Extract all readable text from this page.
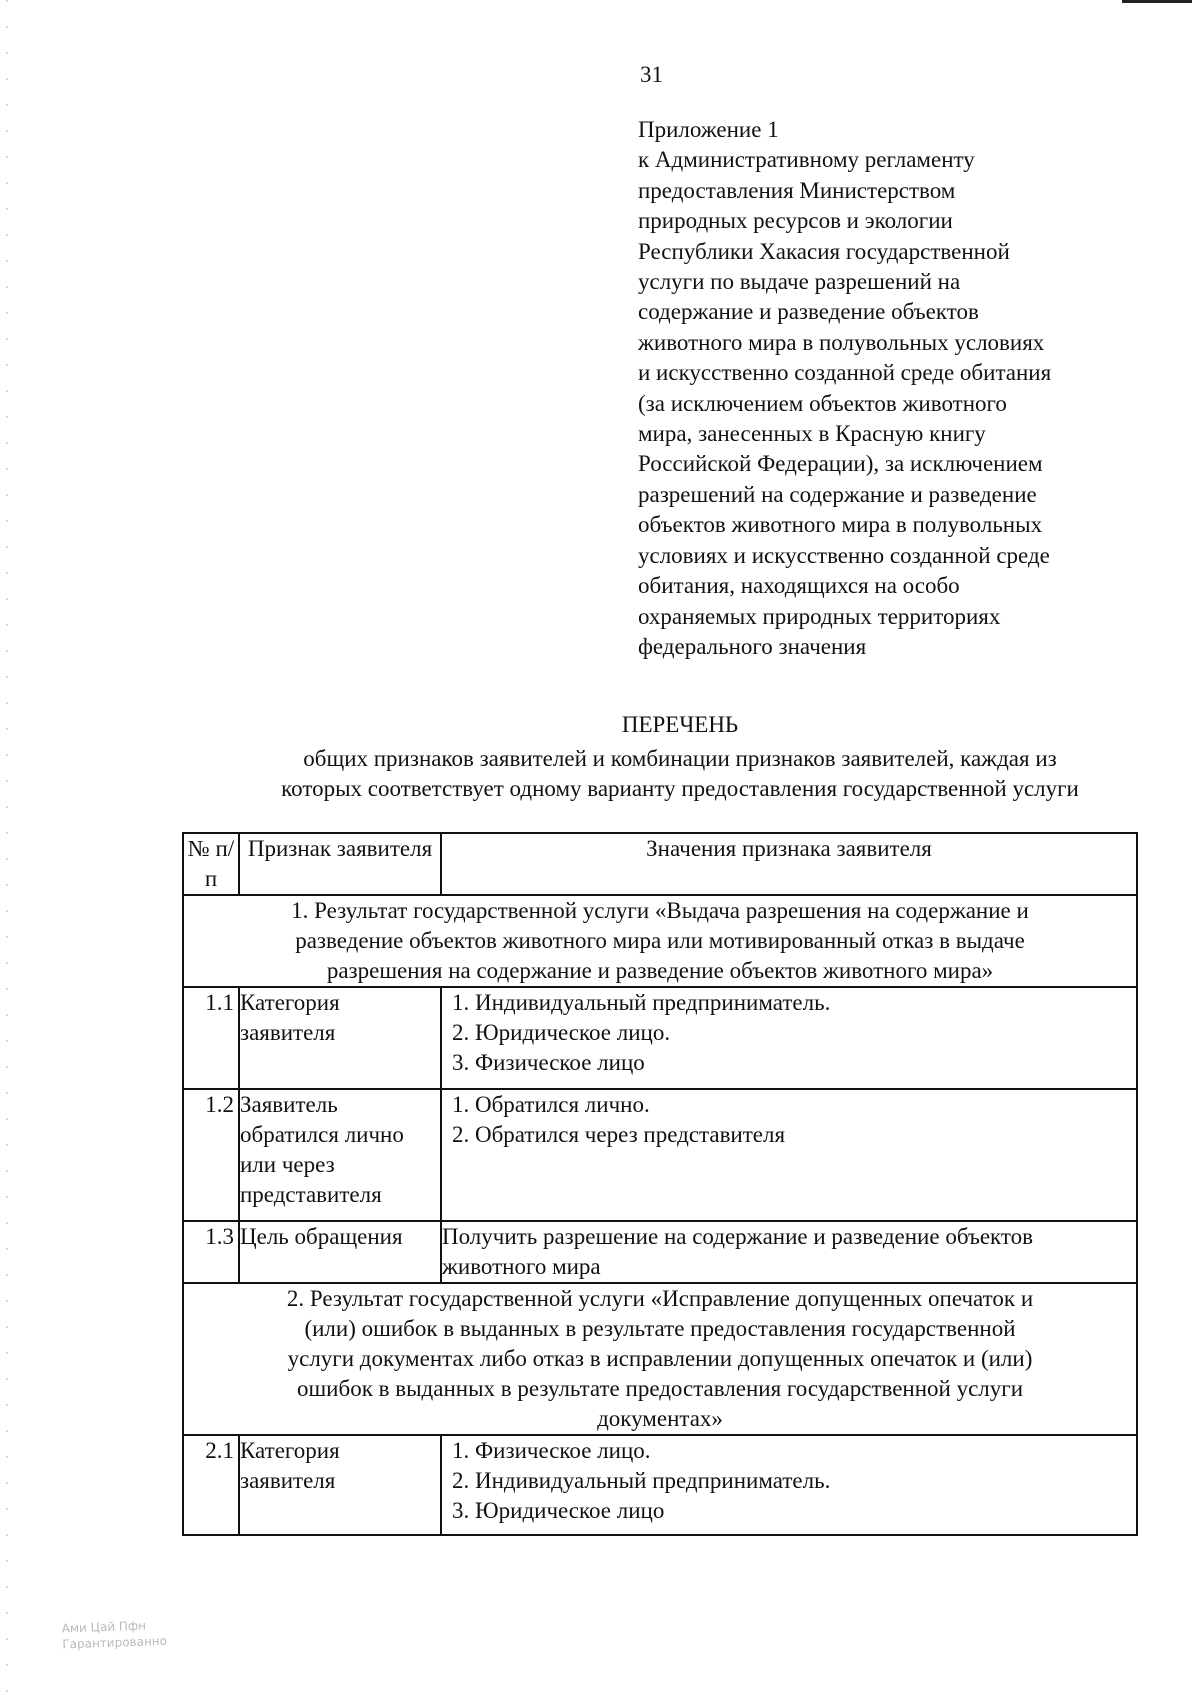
31
Приложение 1
к Административному регламенту
предоставления Министерством
природных ресурсов и экологии
Республики Хакасия государственной
услуги по выдаче разрешений на
содержание и разведение объектов
животного мира в полувольных условиях
и искусственно созданной среде обитания
(за исключением объектов животного
мира, занесенных в Красную книгу
Российской Федерации), за исключением
разрешений на содержание и разведение
объектов животного мира в полувольных
условиях и искусственно созданной среде
обитания, находящихся на особо
охраняемых природных территориях
федерального значения
ПЕРЕЧЕНЬ
общих признаков заявителей и комбинации признаков заявителей, каждая из
которых соответствует одному варианту предоставления государственной услуги
№ п/п	Признак заявителя	Значения признака заявителя

1. Результат государственной услуги «Выдача разрешения на содержание и
разведение объектов животного мира или мотивированный отказ в выдаче
разрешения на содержание и разведение объектов животного мира»		

1.1	Категория
заявителя	1. Индивидуальный предприниматель.
2. Юридическое лицо.
3. Физическое лицо

1.2	Заявитель
обратился лично
или через
представителя	1. Обратился лично.
2. Обратился через представителя

1.3	Цель обращения	Получить разрешение на содержание и разведение объектов
животного мира

2. Результат государственной услуги «Исправление допущенных опечаток и
(или) ошибок в выданных в результате предоставления государственной
услуги документах либо отказ в исправлении допущенных опечаток и (или)
ошибок в выданных в результате предоставления государственной услуги
документах»		

2.1	Категория
заявителя	1. Физическое лицо.
2. Индивидуальный предприниматель.
3. Юридическое лицо
Ами Цай Пфн
Гарантированно
